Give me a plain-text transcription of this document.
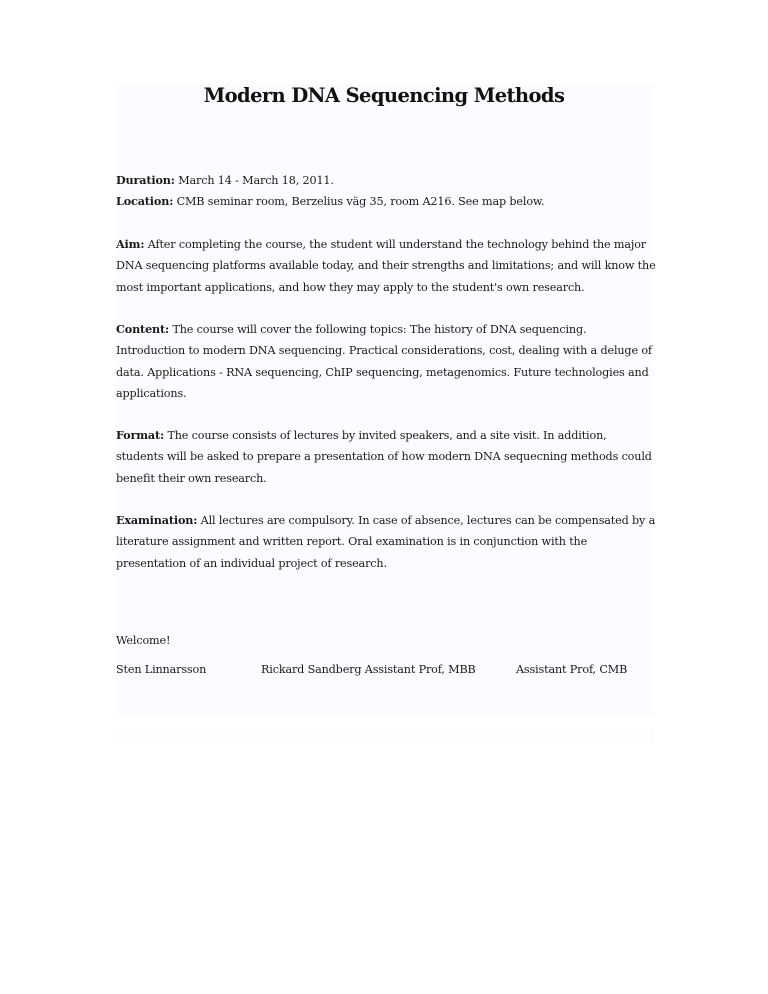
Modern DNA Sequencing Methods

Duration: March 14 - March 18, 2011.

Location: CMB seminar room, Berzelius väg 35, room A216. See map below.

Aim: After completing the course, the student will understand the technology behind the major DNA sequencing platforms available today, and their strengths and limitations; and will know the most important applications, and how they may apply to the student's own research.

Content: The course will cover the following topics: The history of DNA sequencing. Introduction to modern DNA sequencing. Practical considerations, cost, dealing with a deluge of data. Applications - RNA sequencing, ChIP sequencing, metagenomics. Future technologies and applications.

Format: The course consists of lectures by invited speakers, and a site visit. In addition, students will be asked to prepare a presentation of how modern DNA sequecning methods could benefit their own research.

Examination: All lectures are compulsory. In case of absence, lectures can be compensated by a literature assignment and written report. Oral examination is in conjunction with the presentation of an individual project of research.

Welcome!

Sten Linnarsson	Rickard Sandberg Assistant Prof, MBB	Assistant Prof, CMB
